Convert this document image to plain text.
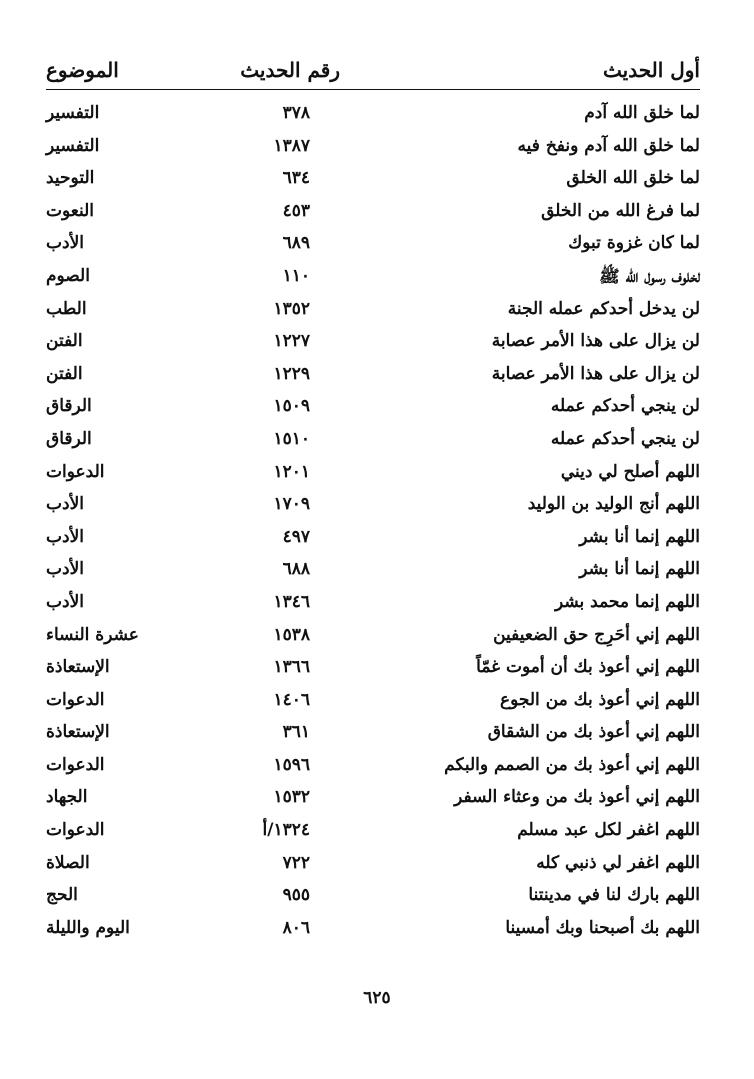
أول الحديث
رقم الحديث
الموضوع
لما خلق الله آدم
٣٧٨
التفسير
لما خلق الله آدم ونفخ فيه
١٣٨٧
التفسير
لما خلق الله الخلق
٦٣٤
التوحيد
لما فرغ الله من الخلق
٤٥٣
النعوت
لما كان غزوة تبوك
٦٨٩
الأدب
لخلوف رسول الله ﷺ
١١٠
الصوم
لن يدخل أحدكم عمله الجنة
١٣٥٢
الطب
لن يزال على هذا الأمر عصابة
١٢٢٧
الفتن
لن يزال على هذا الأمر عصابة
١٢٢٩
الفتن
لن ينجي أحدكم عمله
١٥٠٩
الرقاق
لن ينجي أحدكم عمله
١٥١٠
الرقاق
اللهم أصلح لي ديني
١٢٠١
الدعوات
اللهم أنج الوليد بن الوليد
١٧٠٩
الأدب
اللهم إنما أنا بشر
٤٩٧
الأدب
اللهم إنما أنا بشر
٦٨٨
الأدب
اللهم إنما محمد بشر
١٣٤٦
الأدب
اللهم إني أحَرِج حق الضعيفين
١٥٣٨
عشرة النساء
اللهم إني أعوذ بك أن أموت غمّاً
١٣٦٦
الإستعاذة
اللهم إني أعوذ بك من الجوع
١٤٠٦
الدعوات
اللهم إني أعوذ بك من الشقاق
٣٦١
الإستعاذة
اللهم إني أعوذ بك من الصمم والبكم
١٥٩٦
الدعوات
اللهم إني أعوذ بك من وعثاء السفر
١٥٣٢
الجهاد
اللهم اغفر لكل عبد مسلم
١٣٢٤/أ
الدعوات
اللهم اغفر لي ذنبي كله
٧٢٢
الصلاة
اللهم بارك لنا في مدينتنا
٩٥٥
الحج
اللهم بك أصبحنا وبك أمسينا
٨٠٦
اليوم والليلة
٦٢٥
